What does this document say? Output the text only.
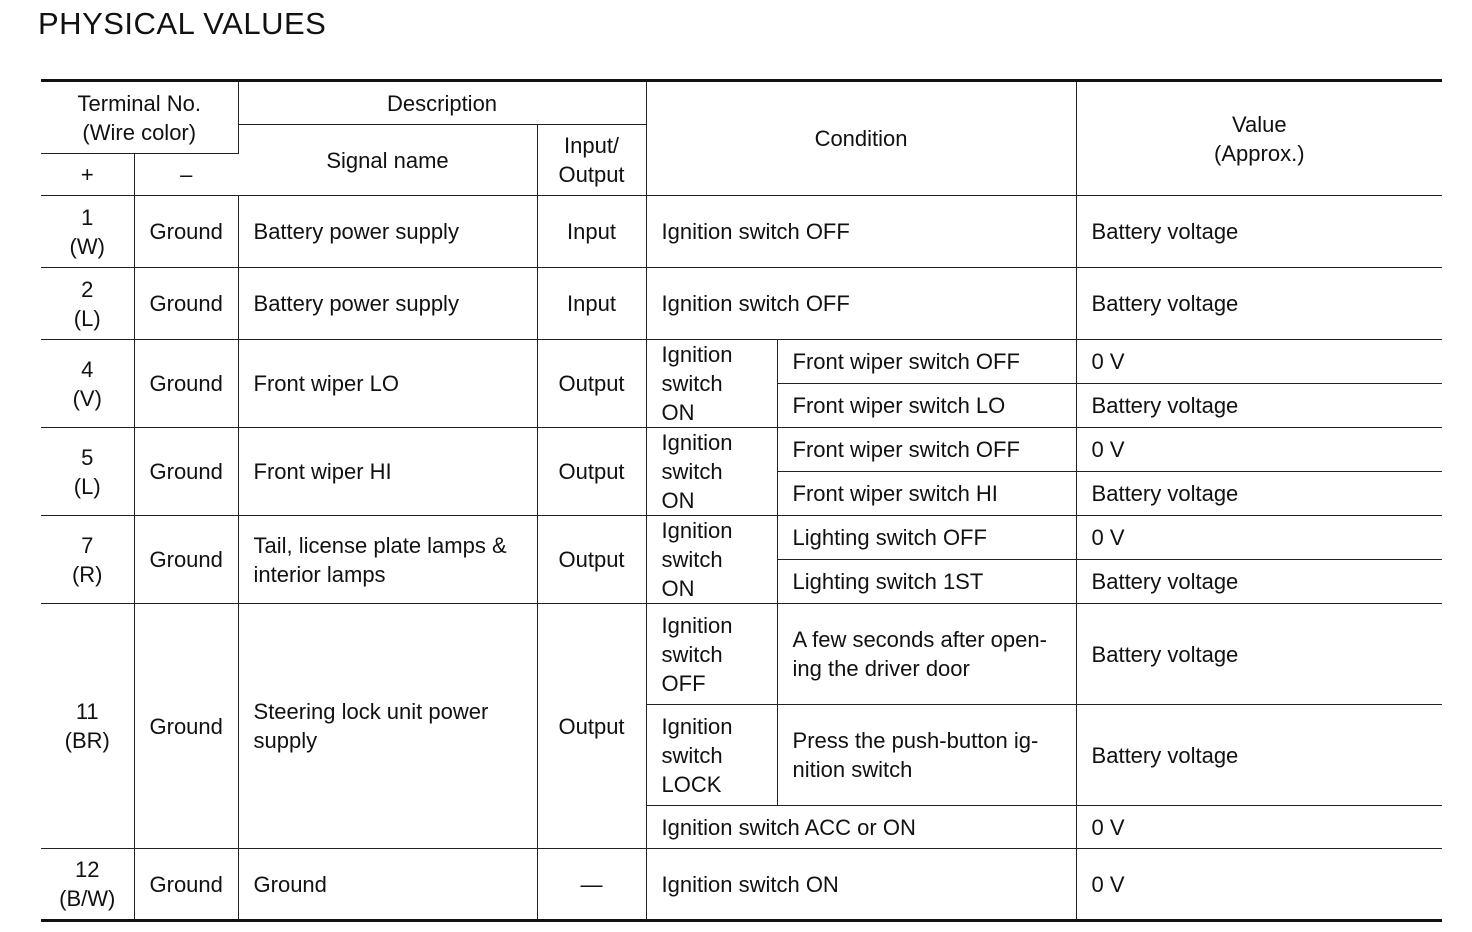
PHYSICAL VALUES
Terminal No.
(Wire color)		Description		Condition		Value
(Approx.)
		Signal name	Input/
Output			
+	–					
1
(W)	Ground	Battery power supply	Input	Ignition switch OFF		Battery voltage
2
(L)	Ground	Battery power supply	Input	Ignition switch OFF		Battery voltage
4
(V)	Ground	Front wiper LO	Output	Ignition switch ON	Front wiper switch OFF	0 V
					Front wiper switch LO	Battery voltage
5
(L)	Ground	Front wiper HI	Output	Ignition switch ON	Front wiper switch OFF	0 V
					Front wiper switch HI	Battery voltage
7
(R)	Ground	Tail, license plate lamps & interior lamps	Output	Ignition switch ON	Lighting switch OFF	0 V
					Lighting switch 1ST	Battery voltage
11
(BR)	Ground	Steering lock unit power supply	Output	Ignition switch OFF	A few seconds after open-ing the driver door	Battery voltage
				Ignition switch LOCK	Press the push-button ig-nition switch	Battery voltage
				Ignition switch ACC or ON		0 V
12
(B/W)	Ground	Ground	—	Ignition switch ON		0 V
